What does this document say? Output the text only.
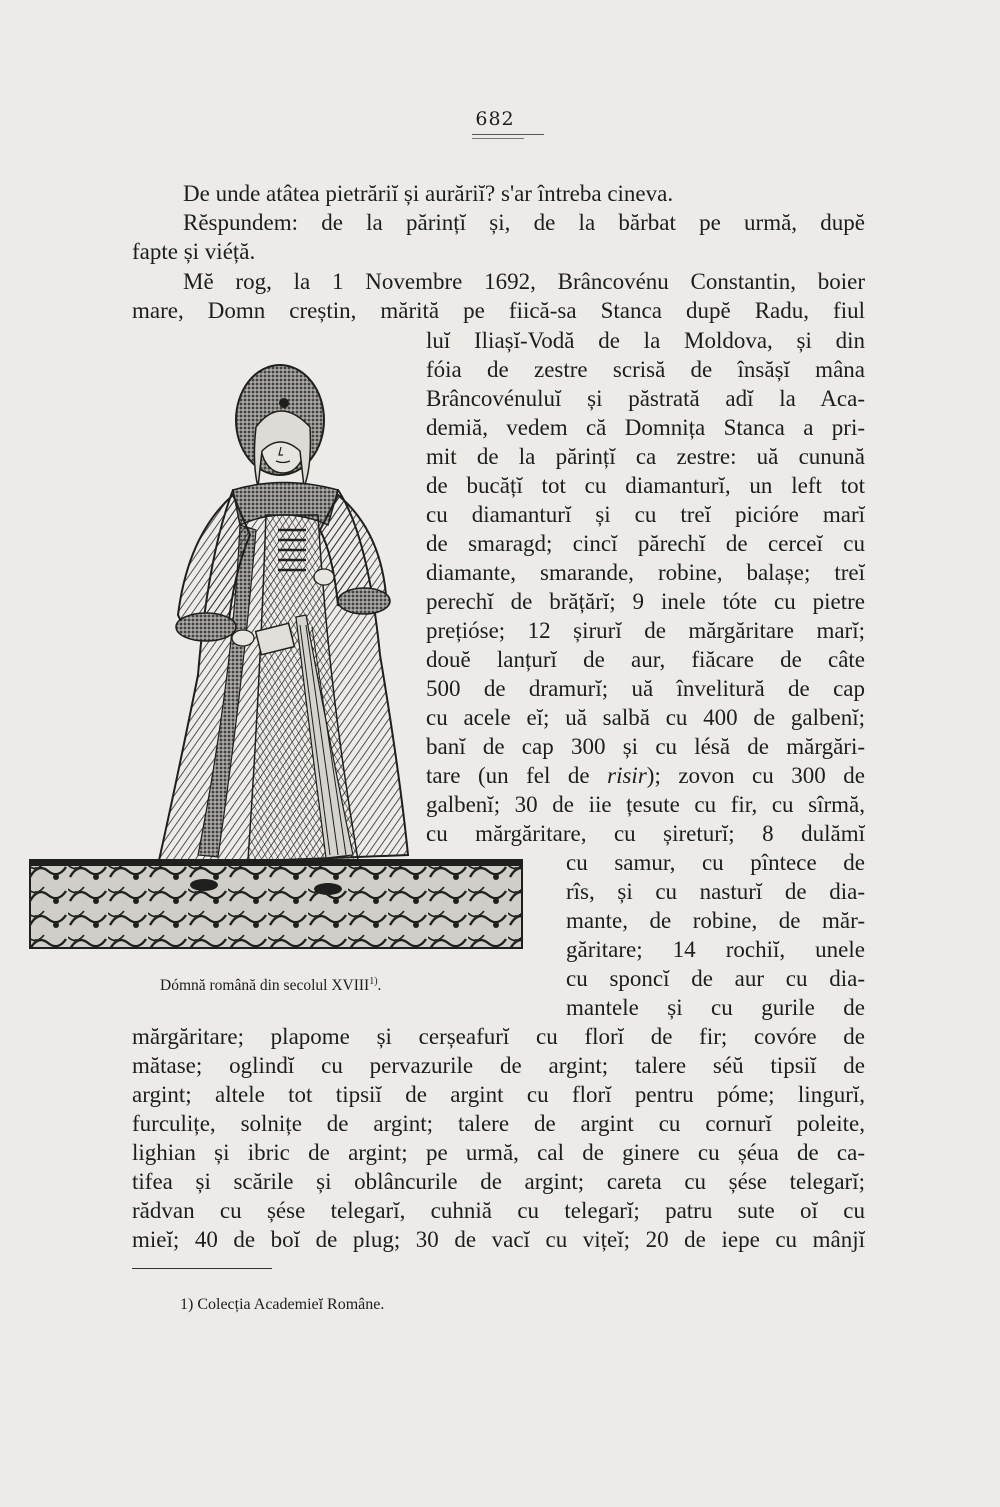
682
De unde atâtea pietrăriĭ și aurăriĭ? s'ar întreba cineva.
Rĕspundem: de la părințĭ și, de la bărbat pe urmă, dupĕ
fapte și viéță.
Mĕ rog, la 1 Novembre 1692, Brâncovénu Constantin, boier
mare, Domn creștin, mărită pe fiică-sa Stanca dupĕ Radu, fiul
luĭ Iliașĭ-Vodă de la Moldova, și din
fóia de zestre scrisă de însășĭ mâna
Brâncovénuluĭ și păstrată adĭ la Aca-
demiă, vedem că Domnița Stanca a pri-
mit de la părințĭ ca zestre: uă cunună
de bucățĭ tot cu diamanturĭ, un left tot
cu diamanturĭ și cu treĭ picióre marĭ
de smaragd; cincĭ părechĭ de cerceĭ cu
diamante, smarande, robine, balașe; treĭ
perechĭ de brățărĭ; 9 inele tóte cu pietre
prețióse; 12 șirurĭ de mărgăritare marĭ;
douĕ lanțurĭ de aur, fiăcare de câte
500 de dramurĭ; uă învelitură de cap
cu acele eĭ; uă salbă cu 400 de galbenĭ;
banĭ de cap 300 și cu lésă de mărgări-
tare (un fel de risir); zovon cu 300 de
galbenĭ; 30 de iie țesute cu fir, cu sîrmă,
cu mărgăritare, cu șireturĭ; 8 dulămĭ
cu samur, cu pîntece de
rîs, și cu nasturĭ de dia-
mante, de robine, de măr-
găritare; 14 rochiĭ, unele
cu sponcĭ de aur cu dia-
mantele și cu gurile de
mărgăritare; plapome și cerșeafurĭ cu florĭ de fir; covóre de
mătase; oglindĭ cu pervazurile de argint; talere séŭ tipsiĭ de
argint; altele tot tipsiĭ de argint cu florĭ pentru póme; lingurĭ,
furculițe, solnițe de argint; talere de argint cu cornurĭ poleite,
lighian și ibric de argint; pe urmă, cal de ginere cu șéua de ca-
tifea și scările și oblâncurile de argint; careta cu șése telegarĭ;
rădvan cu șése telegarĭ, cuhniă cu telegarĭ; patru sute oĭ cu
mieĭ; 40 de boĭ de plug; 30 de vacĭ cu vițeĭ; 20 de iepe cu mânjĭ
Dómnă română din secolul XVIII$^{1)}$.
1) Colecția Academieĭ Române.
